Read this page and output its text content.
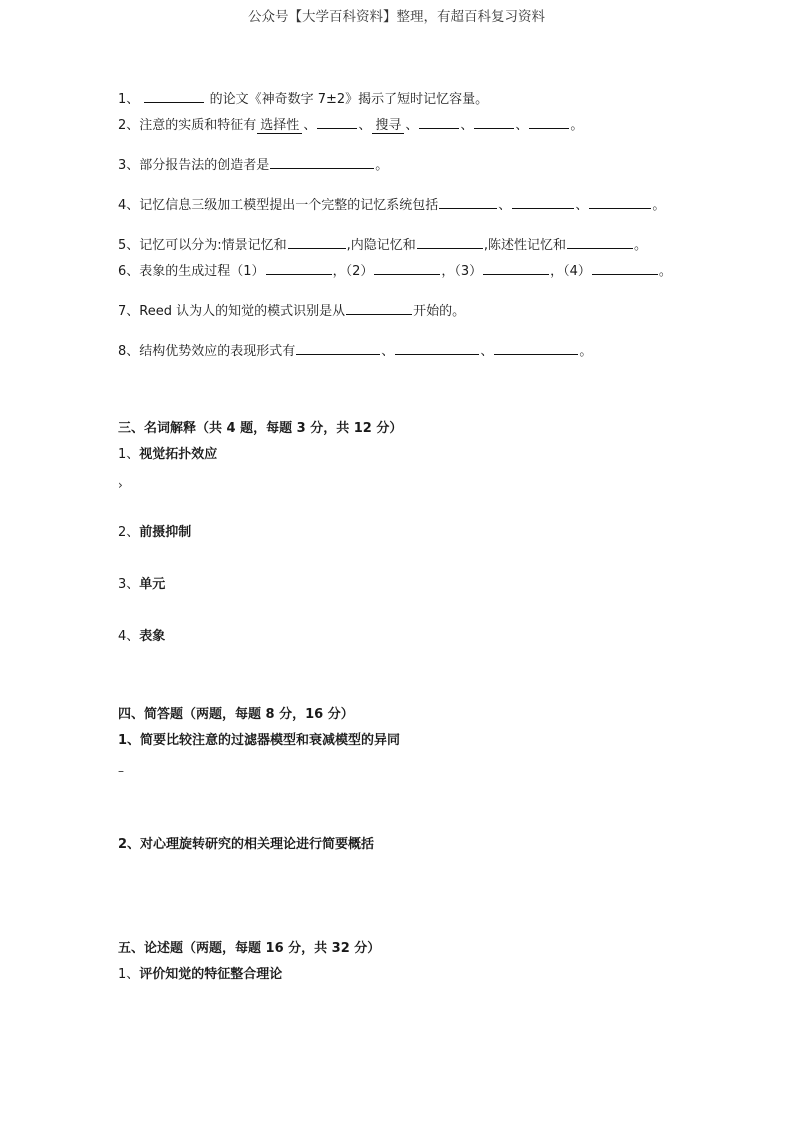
公众号【大学百科资料】整理，有超百科复习资料
1、	的论文《神奇数字 7±2》揭示了短时记忆容量。
2、注意的实质和特征有 选择性 、	、 搜寻 、	、	、	。
3、部分报告法的创造者是	。
4、记忆信息三级加工模型提出一个完整的记忆系统包括	、	、	。
5、记忆可以分为:情景记忆和	,内隐记忆和	,陈述性记忆和	。
6、表象的生成过程（1）	，（2）	，（3）	，（4）	。
7、Reed 认为人的知觉的模式识别是从	开始的。
8、结构优势效应的表现形式有	、	、	。
三、名词解释（共 4 题，每题 3 分，共 12 分）
1、视觉拓扑效应
›
2、前摄抑制
3、单元
4、表象
四、简答题（两题，每题 8 分，16 分）
1、简要比较注意的过滤器模型和衰减模型的异同
–
2、对心理旋转研究的相关理论进行简要概括
五、论述题（两题，每题 16 分，共 32 分）
1、评价知觉的特征整合理论
